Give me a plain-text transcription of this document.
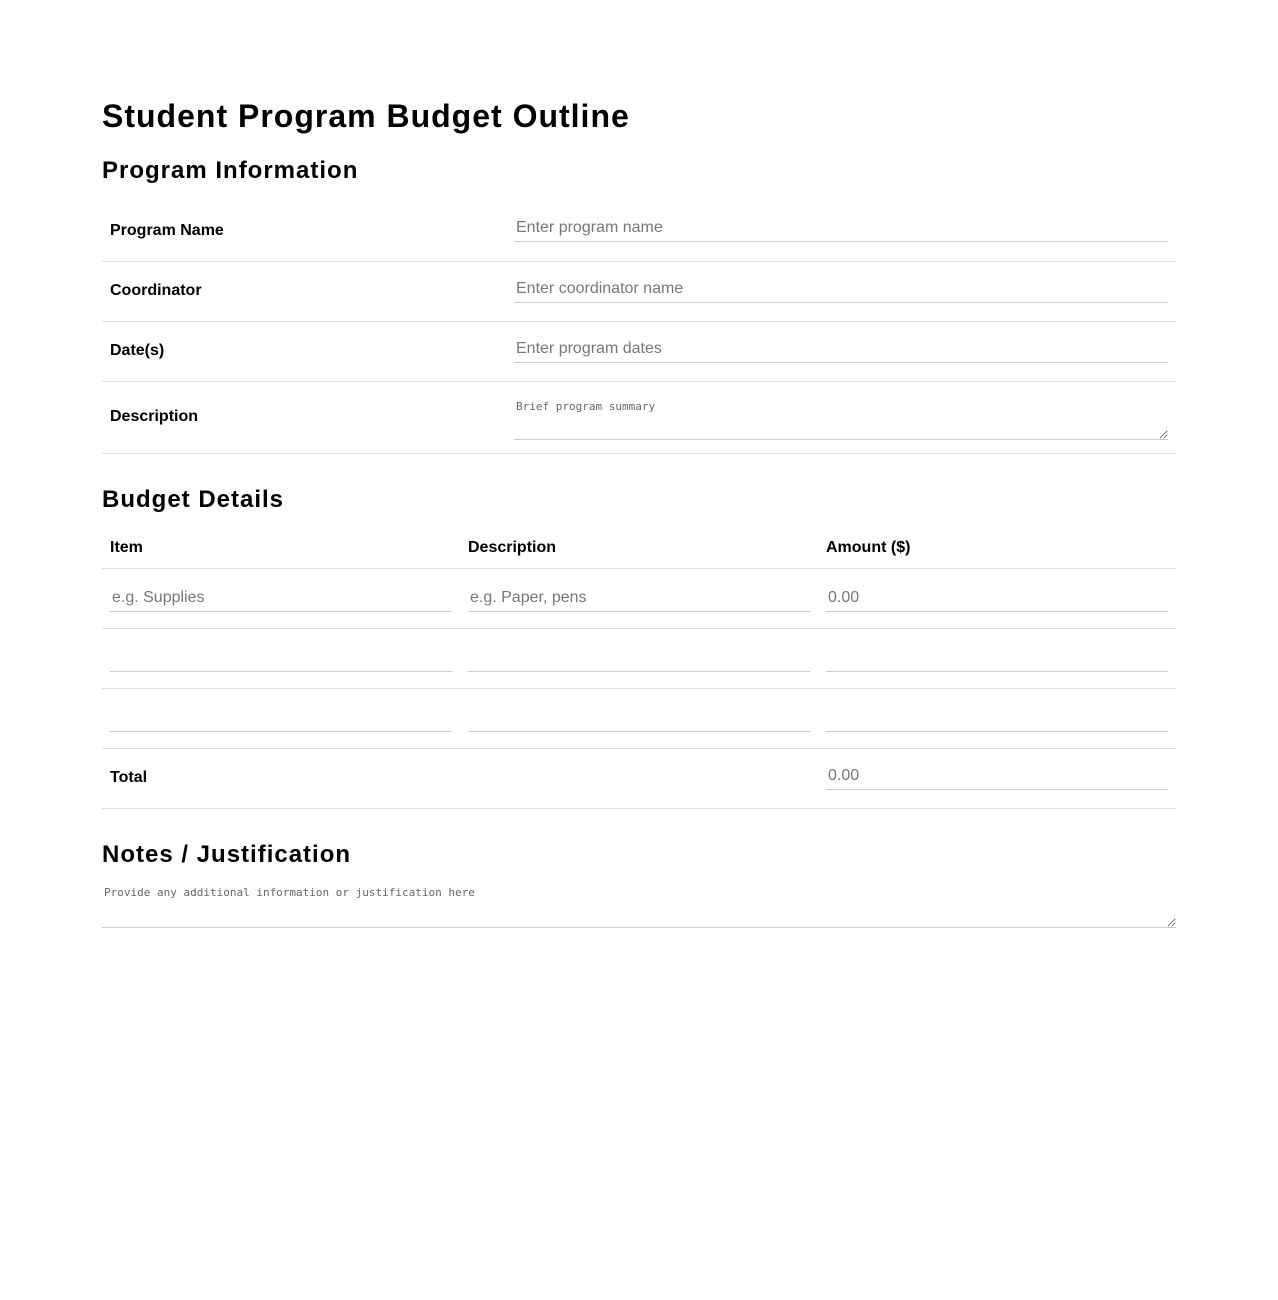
Student Program Budget Outline
Program Information
Program Name	Enter program name
Coordinator	Enter coordinator name
Date(s)	Enter program dates
Description	Brief program summary
Budget Details
Item	Description	Amount ($)
e.g. Supplies	e.g. Paper, pens	0.00

Total		0.00
Notes / Justification
Provide any additional information or justification here
